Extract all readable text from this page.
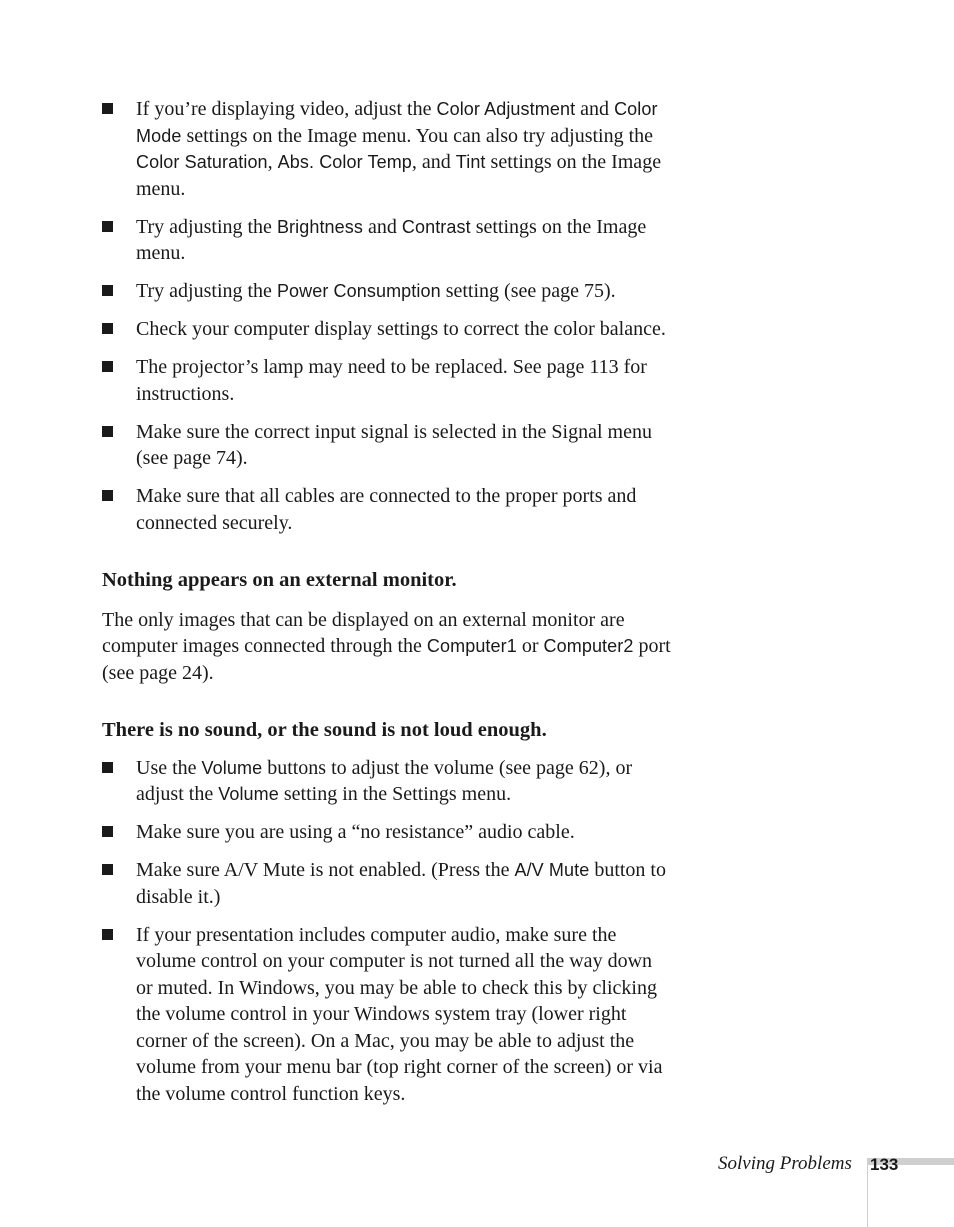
If you’re displaying video, adjust the Color Adjustment and Color Mode settings on the Image menu. You can also try adjusting the Color Saturation, Abs. Color Temp, and Tint settings on the Image menu.
Try adjusting the Brightness and Contrast settings on the Image menu.
Try adjusting the Power Consumption setting (see page 75).
Check your computer display settings to correct the color balance.
The projector’s lamp may need to be replaced. See page 113 for instructions.
Make sure the correct input signal is selected in the Signal menu (see page 74).
Make sure that all cables are connected to the proper ports and connected securely.
Nothing appears on an external monitor.

The only images that can be displayed on an external monitor are computer images connected through the Computer1 or Computer2 port (see page 24).

There is no sound, or the sound is not loud enough.
Use the Volume buttons to adjust the volume (see page 62), or adjust the Volume setting in the Settings menu.
Make sure you are using a “no resistance” audio cable.
Make sure A/V Mute is not enabled. (Press the A/V Mute button to disable it.)
If your presentation includes computer audio, make sure the volume control on your computer is not turned all the way down or muted. In Windows, you may be able to check this by clicking the volume control in your Windows system tray (lower right corner of the screen). On a Mac, you may be able to adjust the volume from your menu bar (top right corner of the screen) or via the volume control function keys.
Solving Problems 133
